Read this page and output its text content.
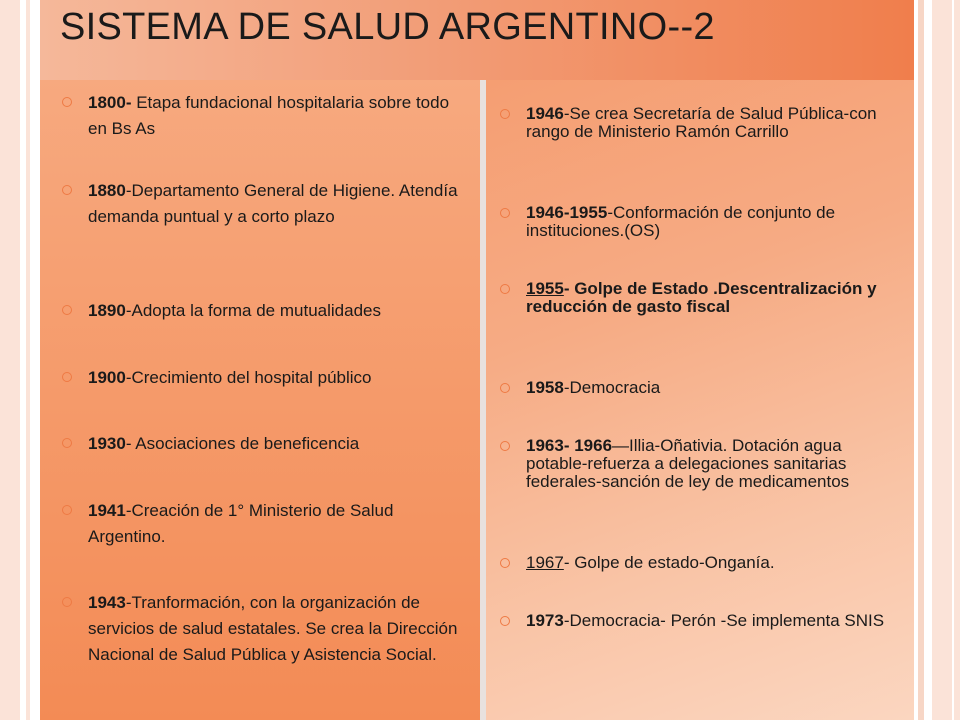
SISTEMA DE SALUD ARGENTINO--2
1800- Etapa fundacional hospitalaria sobre todo en Bs As
1880-Departamento General de Higiene. Atendía demanda puntual y a corto plazo
1890-Adopta la forma de mutualidades
1900-Crecimiento del hospital público
1930- Asociaciones de beneficencia
1941-Creación de 1° Ministerio de Salud Argentino.
1943-Tranformación, con la organización de servicios de salud estatales. Se crea la Dirección Nacional de Salud Pública y Asistencia Social.
1946-Se crea Secretaría de Salud Pública-con rango de Ministerio Ramón Carrillo
1946-1955-Conformación de conjunto de instituciones.(OS)
1955- Golpe de Estado .Descentralización y reducción de gasto fiscal
1958-Democracia
1963- 1966—Illia-Oñativia. Dotación agua potable-refuerza a delegaciones sanitarias federales-sanción de ley de medicamentos
1967- Golpe de estado-Onganía.
1973-Democracia- Perón -Se implementa SNIS
